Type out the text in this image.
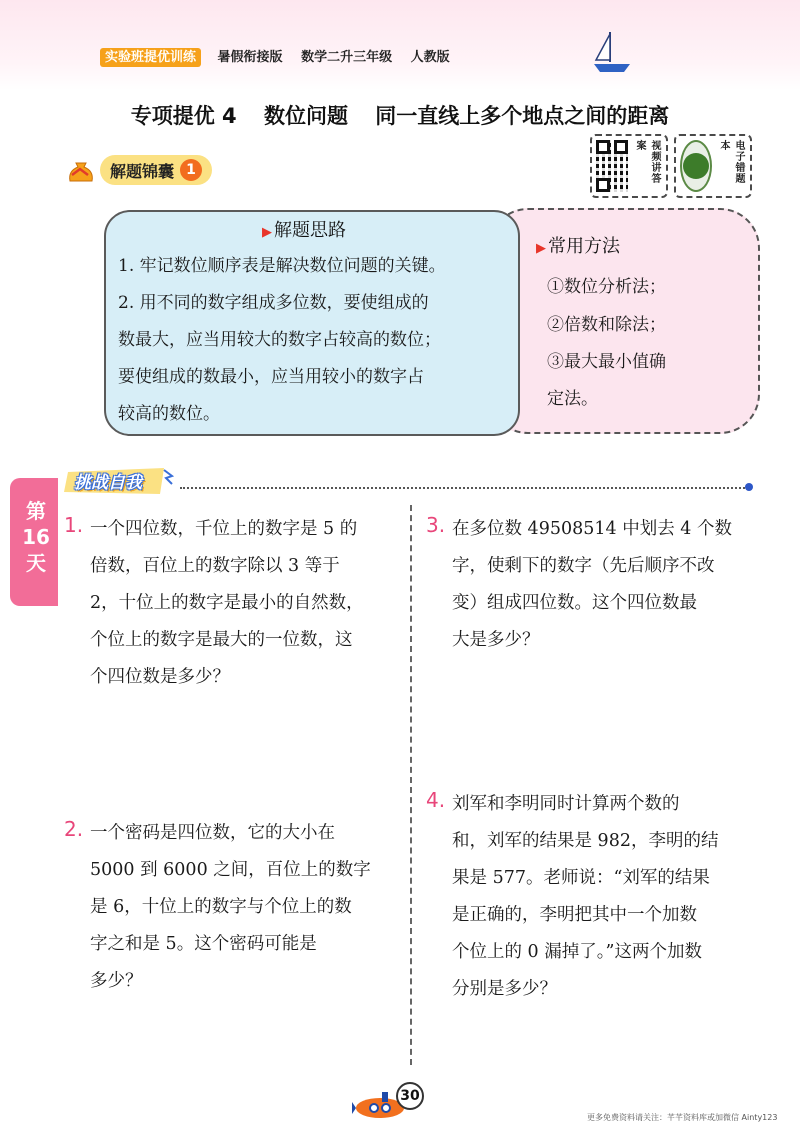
实验班提优训练 暑假衔接版 数学二升三年级 人教版
专项提优 4 数位问题 同一直线上多个地点之间的距离
解题锦囊 1	视频讲答案	电子错题本
▶ 解题思路
1. 牢记数位顺序表是解决数位问题的关键。
2. 用不同的数字组成多位数，要使组成的
数最大，应当用较大的数字占较高的数位；
要使组成的数最小，应当用较小的数字占
较高的数位。
▶ 常用方法
①数位分析法；
②倍数和除法；
③最大最小值确
定法。
第
16
天
挑战自我
1. 一个四位数，千位上的数字是 5 的
倍数，百位上的数字除以 3 等于
2，十位上的数字是最小的自然数，
个位上的数字是最大的一位数，这
个四位数是多少？
2. 一个密码是四位数，它的大小在
5000 到 6000 之间，百位上的数字
是 6，十位上的数字与个位上的数
字之和是 5。这个密码可能是
多少？
3. 在多位数 49508514 中划去 4 个数
字，使剩下的数字（先后顺序不改
变）组成四位数。这个四位数最
大是多少？
4. 刘军和李明同时计算两个数的
和，刘军的结果是 982，李明的结
果是 577。老师说：“刘军的结果
是正确的，李明把其中一个加数
个位上的 0 漏掉了。”这两个加数
分别是多少？
30
更多免费资料请关注：芊芊资料库或加微信 Ainty123
